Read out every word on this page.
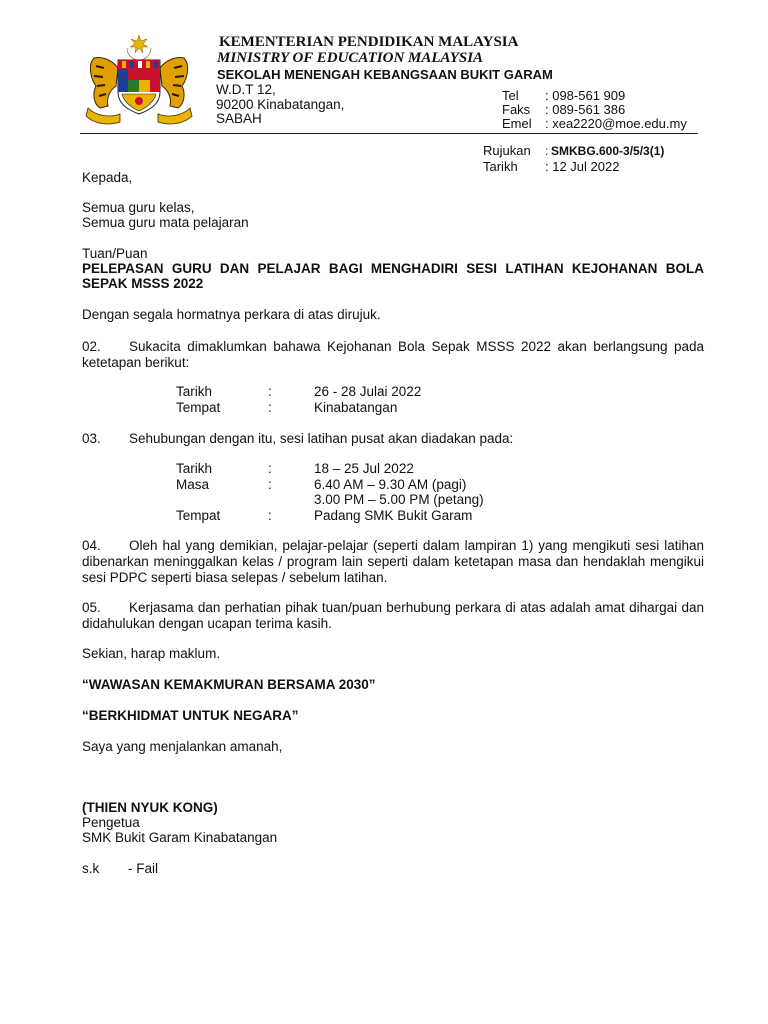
KEMENTERIAN PENDIDIKAN MALAYSIA
MINISTRY OF EDUCATION MALAYSIA
SEKOLAH MENENGAH KEBANGSAAN BUKIT GARAM
W.D.T 12,
90200 Kinabatangan,
SABAH
Tel : 098-561 909
Faks : 089-561 386
Emel : xea2220@moe.edu.my
Rujukan : SMKBG.600-3/5/3(1)
Tarikh : 12 Jul 2022
Kepada,
Semua guru kelas,
Semua guru mata pelajaran
Tuan/Puan
PELEPASAN GURU DAN PELAJAR BAGI MENGHADIRI SESI LATIHAN KEJOHANAN BOLA SEPAK MSSS 2022
Dengan segala hormatnya perkara di atas dirujuk.
02.	Sukacita dimaklumkan bahawa Kejohanan Bola Sepak MSSS 2022 akan berlangsung pada ketetapan berikut:
Tarikh	:	26 - 28 Julai 2022
Tempat	:	Kinabatangan
03. Sehubungan dengan itu, sesi latihan pusat akan diadakan pada:
Tarikh	:	18 – 25 Jul 2022
Masa	:	6.40 AM – 9.30 AM (pagi)
3.00 PM – 5.00 PM (petang)
Tempat	:	Padang SMK Bukit Garam
04.	Oleh hal yang demikian, pelajar-pelajar (seperti dalam lampiran 1) yang mengikuti sesi latihan dibenarkan meninggalkan kelas / program lain seperti dalam ketetapan masa dan hendaklah mengikui sesi PDPC seperti biasa selepas / sebelum latihan.
05.	Kerjasama dan perhatian pihak tuan/puan berhubung perkara di atas adalah amat dihargai dan didahulukan dengan ucapan terima kasih.
Sekian, harap maklum.
“WAWASAN KEMAKMURAN BERSAMA 2030”
“BERKHIDMAT UNTUK NEGARA”
Saya yang menjalankan amanah,
(THIEN NYUK KONG)
Pengetua
SMK Bukit Garam Kinabatangan
s.k - Fail
